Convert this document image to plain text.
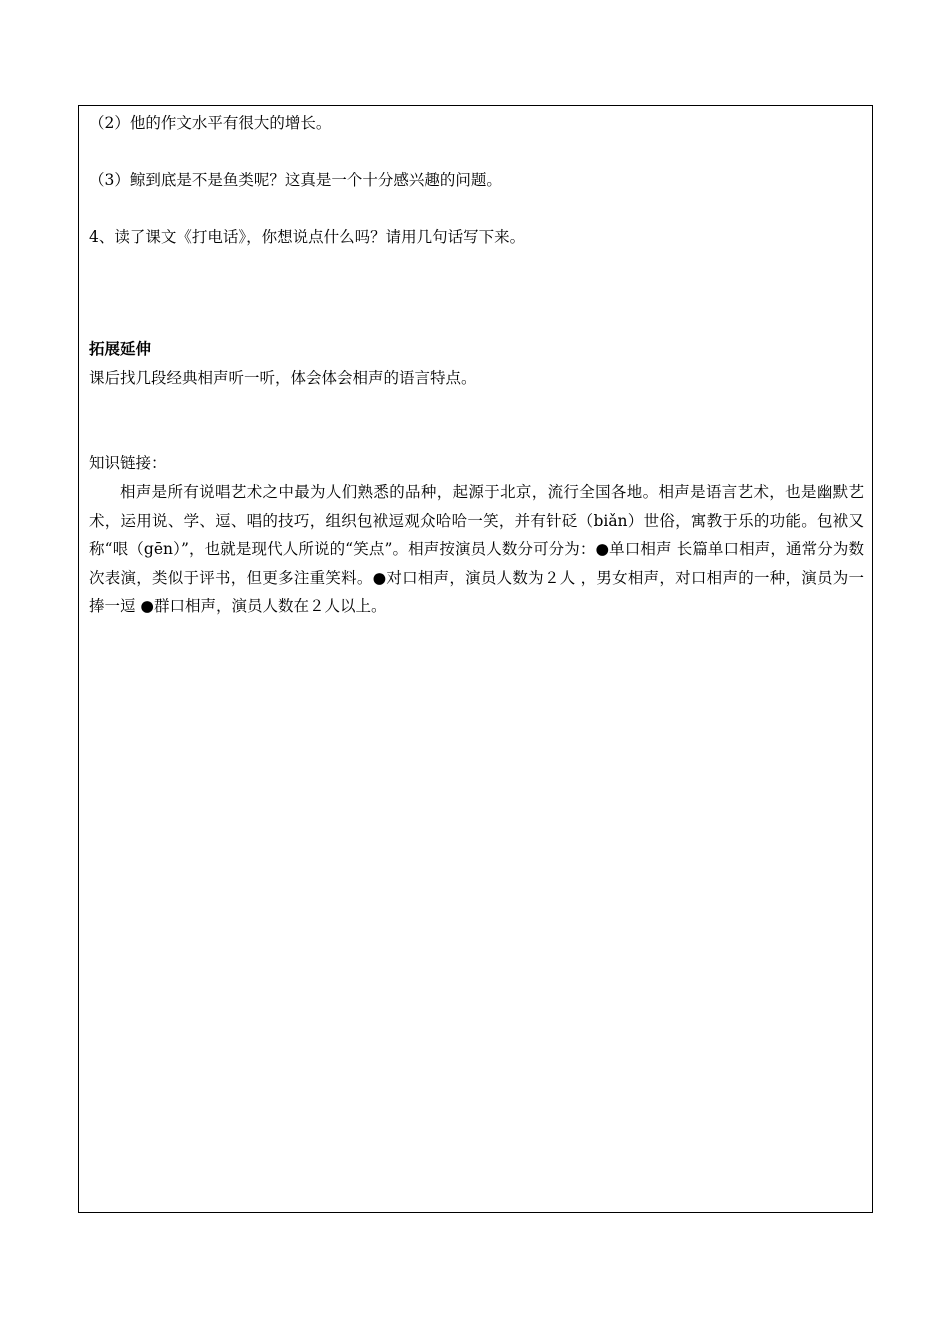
（2）他的作文水平有很大的增长。
（3）鲸到底是不是鱼类呢？这真是一个十分感兴趣的问题。
4、读了课文《打电话》，你想说点什么吗？请用几句话写下来。
拓展延伸
课后找几段经典相声听一听，体会体会相声的语言特点。
知识链接：

相声是所有说唱艺术之中最为人们熟悉的品种，起源于北京，流行全国各地。相声是语言艺术，也是幽默艺术，运用说、学、逗、唱的技巧，组织包袱逗观众哈哈一笑，并有针砭（biǎn）世俗，寓教于乐的功能。包袱又称“哏（gēn）”，也就是现代人所说的“笑点”。相声按演员人数分可分为：●单口相声 长篇单口相声，通常分为数次表演，类似于评书，但更多注重笑料。●对口相声，演员人数为２人 ，男女相声，对口相声的一种，演员为一捧一逗 ●群口相声，演员人数在２人以上。
